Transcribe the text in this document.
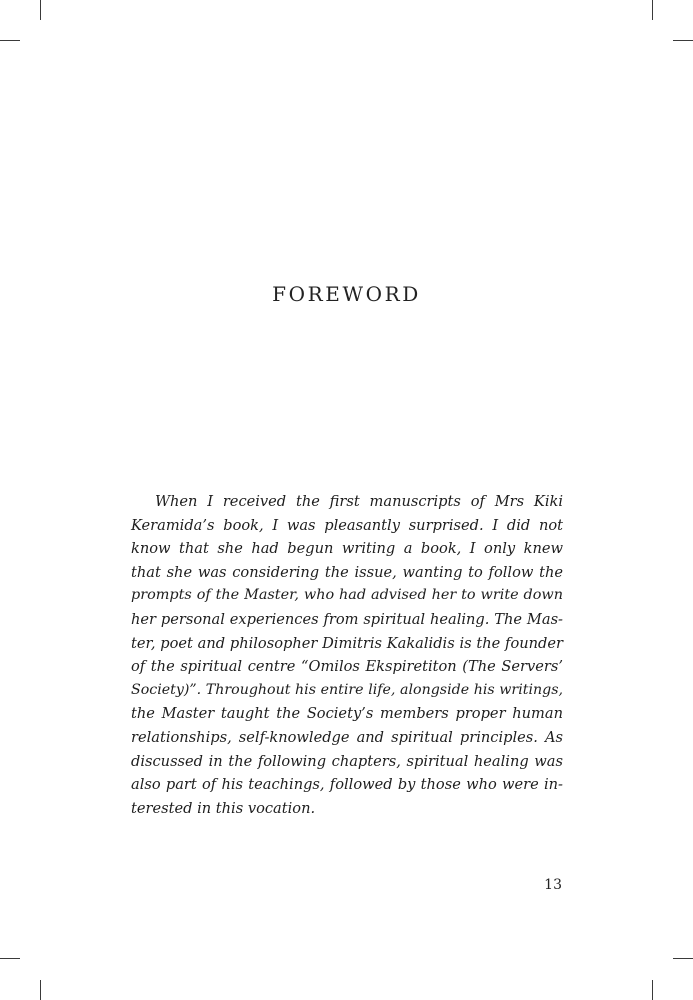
FOREWORD

When I received the first manuscripts of Mrs Kiki
Keramida’s book, I was pleasantly surprised. I did not
know that she had begun writing a book, I only knew
that she was considering the issue, wanting to follow the
prompts of the Master, who had advised her to write down
her personal experiences from spiritual healing. The Mas-
ter, poet and philosopher Dimitris Kakalidis is the founder
of the spiritual centre “Omilos Ekspiretiton (The Servers’
Society)”. Throughout his entire life, alongside his writings,
the Master taught the Society’s members proper human
relationships, self-knowledge and spiritual principles. As
discussed in the following chapters, spiritual healing was
also part of his teachings, followed by those who were in-
terested in this vocation.

13
